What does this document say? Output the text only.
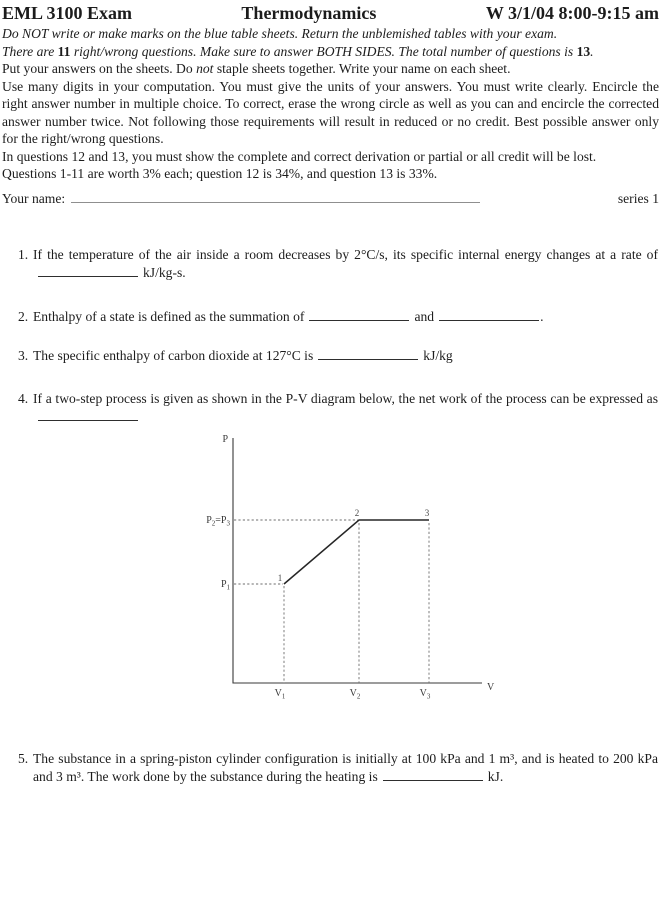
EML 3100 Exam	Thermodynamics	W 3/1/04 8:00-9:15 am

Do NOT write or make marks on the blue table sheets. Return the unblemished tables with your exam.

There are 11 right/wrong questions. Make sure to answer BOTH SIDES. The total number of questions is 13.

Put your answers on the sheets. Do not staple sheets together. Write your name on each sheet.

Use many digits in your computation. You must give the units of your answers. You must write clearly. Encircle the right answer number in multiple choice. To correct, erase the wrong circle as well as you can and encircle the corrected answer number twice. Not following those requirements will result in reduced or no credit. Best possible answer only for the right/wrong questions.

In questions 12 and 13, you must show the complete and correct derivation or partial or all credit will be lost.

Questions 1-11 are worth 3% each; question 12 is 34%, and question 13 is 33%.

Your name:	series 1
1. If the temperature of the air inside a room decreases by 2°C/s, its specific internal energy changes at a rate ofkJ/kg-s.
2. Enthalpy of a state is defined as the summation of	and	.
3. The specific enthalpy of carbon dioxide at 127°C is	kJ/kg
4. If a two-step process is given as shown in the P-V diagram below, the net work of the process can be expressed as
P
V
$P_2=P_3$
$P_1$
$V_1$	$V_2$	$V_3$
1
2	3
5. The substance in a spring-piston cylinder configuration is initially at 100 kPa and 1 m³, and is heated to 200 kPa and 3 m³. The work done by the substance during the heating is	kJ.
